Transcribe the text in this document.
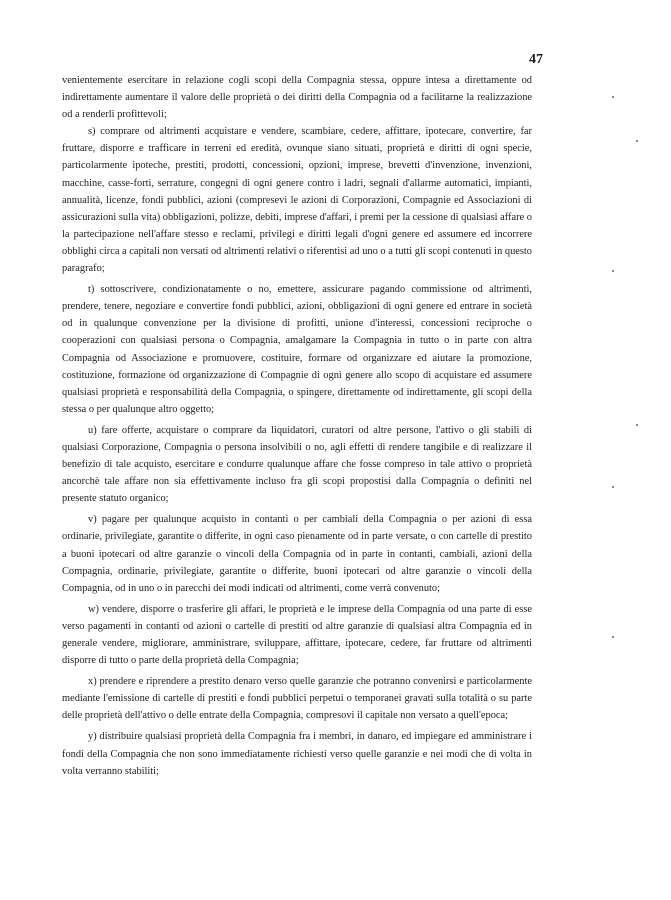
47

venientemente esercitare in relazione cogli scopi della Compagnia stessa, oppure intesa a direttamente od indirettamente aumentare il valore delle proprietà o dei diritti della Compagnia od a facilitarne la realizzazione od a renderli profittevoli;

s) comprare od altrimenti acquistare e vendere, scambiare, cedere, affittare, ipotecare, convertire, far fruttare, disporre e trafficare in terreni ed eredità, ovunque siano situati, proprietà e diritti di ogni specie, particolarmente ipoteche, prestiti, prodotti, concessioni, opzioni, imprese, brevetti d'invenzione, invenzioni, macchine, casse-forti, serrature, congegni di ogni genere contro i ladri, segnali d'allarme automatici, impianti, annualità, licenze, fondi pubblici, azioni (compresevi le azioni di Corporazioni, Compagnie ed Associazioni di assicurazioni sulla vita) obbligazioni, polizze, debiti, imprese d'affari, i premi per la cessione di qualsiasi affare o la partecipazione nell'affare stesso e reclami, privilegi e diritti legali d'ogni genere ed assumere ed incorrere obblighi circa a capitali non versati od altrimenti relativi o riferentisi ad uno o a tutti gli scopi contenuti in questo paragrafo;

t) sottoscrivere, condizionatamente o no, emettere, assicurare pagando commissione od altrimenti, prendere, tenere, negoziare e convertire fondi pubblici, azioni, obbligazioni di ogni genere ed entrare in società od in qualunque convenzione per la divisione di profitti, unione d'interessi, concessioni reciproche o cooperazioni con qualsiasi persona o Compagnia, amalgamare la Compagnia in tutto o in parte con altra Compagnia od Associazione e promuovere, costituire, formare od organizzare ed aiutare la promozione, costituzione, formazione od organizzazione di Compagnie di ogni genere allo scopo di acquistare ed assumere qualsiasi proprietà e responsabilità della Compagnia, o spingere, direttamente od indirettamente, gli scopi della stessa o per qualunque altro oggetto;

u) fare offerte, acquistare o comprare da liquidatori, curatori od altre persone, l'attivo o gli stabili di qualsiasi Corporazione, Compagnia o persona insolvibili o no, agli effetti di rendere tangibile e di realizzare il benefizio di tale acquisto, esercitare e condurre qualunque affare che fosse compreso in tale attivo o proprietà ancorchè tale affare non sia effettivamente incluso fra gli scopi propostisi dalla Compagnia o definiti nel presente statuto organico;

v) pagare per qualunque acquisto in contanti o per cambiali della Compagnia o per azioni di essa ordinarie, privilegiate, garantite o differite, in ogni caso pienamente od in parte versate, o con cartelle di prestito a buoni ipotecari od altre garanzie o vincoli della Compagnia od in parte in contanti, cambiali, azioni della Compagnia, ordinarie, privilegiate, garantite o differite, buoni ipotecari od altre garanzie o vincoli della Compagnia, od in uno o in parecchi dei modi indicati od altrimenti, come verrà convenuto;

w) vendere, disporre o trasferire gli affari, le proprietà e le imprese della Compagnia od una parte di esse verso pagamenti in contanti od azioni o cartelle di prestiti od altre garanzie di qualsiasi altra Compagnia ed in generale vendere, migliorare, amministrare, sviluppare, affittare, ipotecare, cedere, far fruttare od altrimenti disporre di tutto o parte della proprietà della Compagnia;

x) prendere e riprendere a prestito denaro verso quelle garanzie che potranno convenirsi e particolarmente mediante l'emissione di cartelle di prestiti e fondi pubblici perpetui o temporanei gravati sulla totalità o su parte delle proprietà dell'attivo o delle entrate della Compagnia, compresovi il capitale non versato a quell'epoca;

y) distribuire qualsiasi proprietà della Compagnia fra i membri, in danaro, ed impiegare ed amministrare i fondi della Compagnia che non sono immediatamente richiesti verso quelle garanzie e nei modi che di volta in volta verranno stabiliti;
